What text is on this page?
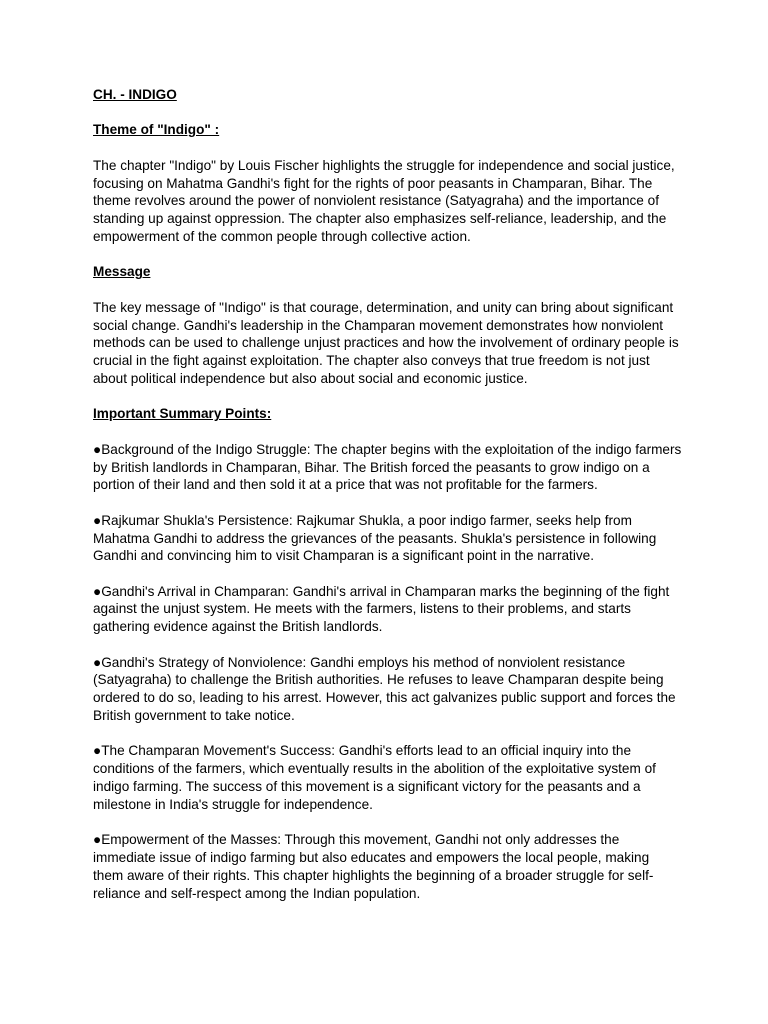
CH. - INDIGO

Theme of "Indigo" :

The chapter "Indigo" by Louis Fischer highlights the struggle for independence and social justice, focusing on Mahatma Gandhi's fight for the rights of poor peasants in Champaran, Bihar. The theme revolves around the power of nonviolent resistance (Satyagraha) and the importance of standing up against oppression. The chapter also emphasizes self-reliance, leadership, and the empowerment of the common people through collective action.

Message

The key message of "Indigo" is that courage, determination, and unity can bring about significant social change. Gandhi's leadership in the Champaran movement demonstrates how nonviolent methods can be used to challenge unjust practices and how the involvement of ordinary people is crucial in the fight against exploitation. The chapter also conveys that true freedom is not just about political independence but also about social and economic justice.

Important Summary Points:

●Background of the Indigo Struggle: The chapter begins with the exploitation of the indigo farmers by British landlords in Champaran, Bihar. The British forced the peasants to grow indigo on a portion of their land and then sold it at a price that was not profitable for the farmers.

●Rajkumar Shukla's Persistence: Rajkumar Shukla, a poor indigo farmer, seeks help from Mahatma Gandhi to address the grievances of the peasants. Shukla's persistence in following Gandhi and convincing him to visit Champaran is a significant point in the narrative.

●Gandhi's Arrival in Champaran: Gandhi's arrival in Champaran marks the beginning of the fight against the unjust system. He meets with the farmers, listens to their problems, and starts gathering evidence against the British landlords.

●Gandhi's Strategy of Nonviolence: Gandhi employs his method of nonviolent resistance (Satyagraha) to challenge the British authorities. He refuses to leave Champaran despite being ordered to do so, leading to his arrest. However, this act galvanizes public support and forces the British government to take notice.

●The Champaran Movement's Success: Gandhi's efforts lead to an official inquiry into the conditions of the farmers, which eventually results in the abolition of the exploitative system of indigo farming. The success of this movement is a significant victory for the peasants and a milestone in India's struggle for independence.

●Empowerment of the Masses: Through this movement, Gandhi not only addresses the immediate issue of indigo farming but also educates and empowers the local people, making them aware of their rights. This chapter highlights the beginning of a broader struggle for self-reliance and self-respect among the Indian population.
